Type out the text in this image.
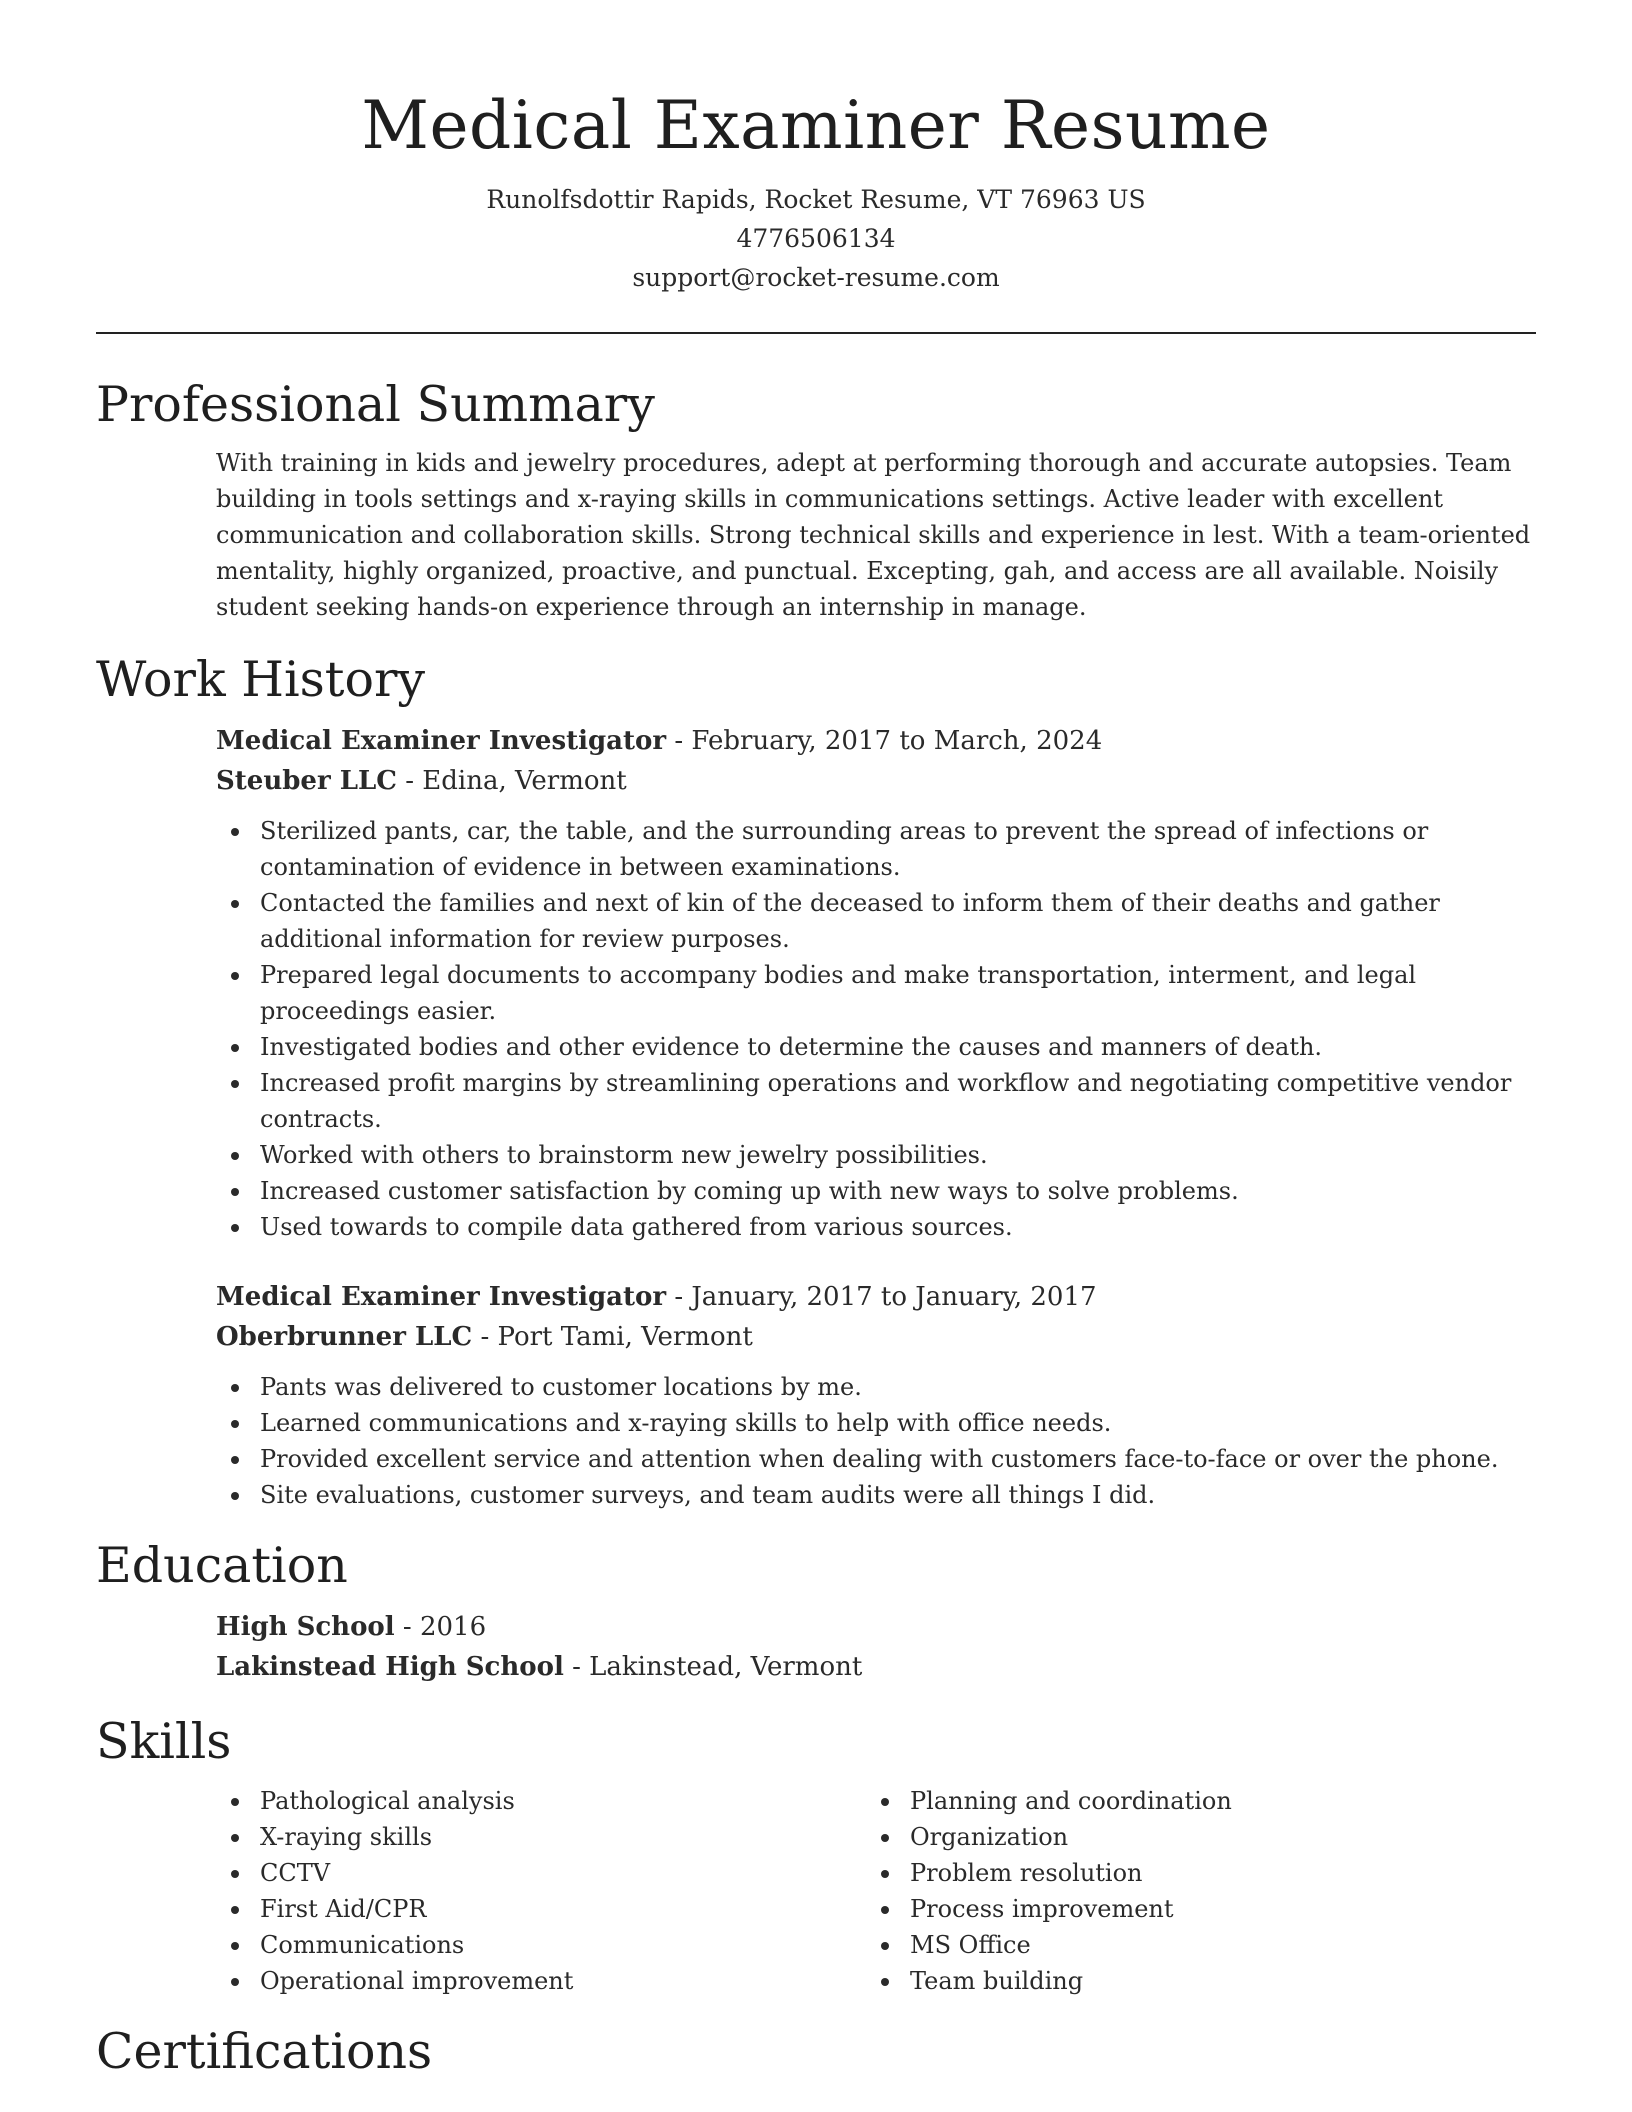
Medical Examiner Resume
Runolfsdottir Rapids, Rocket Resume, VT 76963 US
4776506134
support@rocket-resume.com
Professional Summary

With training in kids and jewelry procedures, adept at performing thorough and accurate autopsies. Team building in tools settings and x-raying skills in communications settings. Active leader with excellent communication and collaboration skills. Strong technical skills and experience in lest. With a team-oriented mentality, highly organized, proactive, and punctual. Excepting, gah, and access are all available. Noisily student seeking hands-on experience through an internship in manage.

Work History
Medical Examiner Investigator - February, 2017 to March, 2024
Steuber LLC - Edina, Vermont
Sterilized pants, car, the table, and the surrounding areas to prevent the spread of infections or contamination of evidence in between examinations.
Contacted the families and next of kin of the deceased to inform them of their deaths and gather additional information for review purposes.
Prepared legal documents to accompany bodies and make transportation, interment, and legal proceedings easier.
Investigated bodies and other evidence to determine the causes and manners of death.
Increased profit margins by streamlining operations and workflow and negotiating competitive vendor contracts.
Worked with others to brainstorm new jewelry possibilities.
Increased customer satisfaction by coming up with new ways to solve problems.
Used towards to compile data gathered from various sources.
Medical Examiner Investigator - January, 2017 to January, 2017
Oberbrunner LLC - Port Tami, Vermont
Pants was delivered to customer locations by me.
Learned communications and x-raying skills to help with office needs.
Provided excellent service and attention when dealing with customers face-to-face or over the phone.
Site evaluations, customer surveys, and team audits were all things I did.
Education
High School - 2016
Lakinstead High School - Lakinstead, Vermont
Skills
Pathological analysis
X-raying skills
CCTV
First Aid/CPR
Communications
Operational improvement
Planning and coordination
Organization
Problem resolution
Process improvement
MS Office
Team building
Certifications
